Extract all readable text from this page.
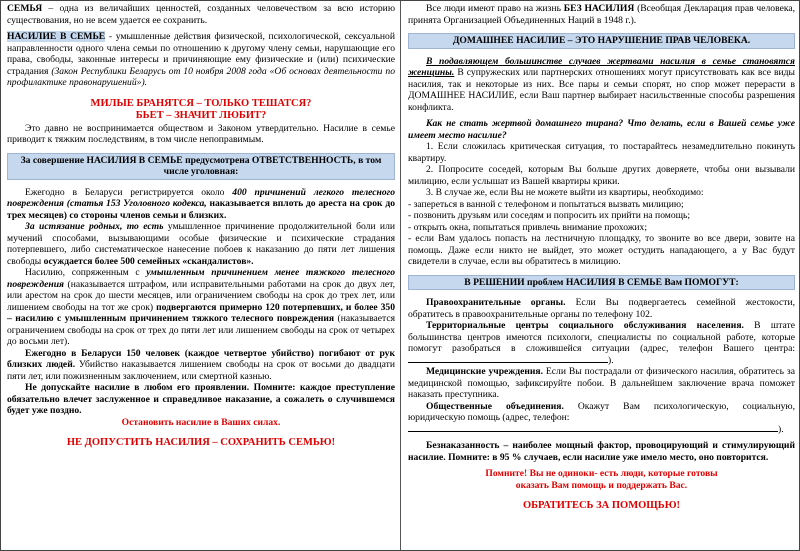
СЕМЬЯ – одна из величайших ценностей, созданных человечеством за всю историю существования, но не всем удается ее сохранить.

НАСИЛИЕ В СЕМЬЕ - умышленные действия физической, психологической, сексуальной направленности одного члена семьи по отношению к другому члену семьи, нарушающие его права, свободы, законные интересы и причиняющие ему физические и (или) психические страдания (Закон Республики Беларусь от 10 ноября 2008 года «Об основах деятельности по профилактике правонарушений»).

МИЛЫЕ БРАНЯТСЯ – ТОЛЬКО ТЕШАТСЯ?

БЬЕТ – ЗНАЧИТ ЛЮБИТ?

Это давно не воспринимается обществом и Законом утвердительно. Насилие в семье приводит к тяжким последствиям, в том числе непоправимым.

За совершение НАСИЛИЯ В СЕМЬЕ предусмотрена ОТВЕТСТВЕННОСТЬ, в том числе уголовная:

Ежегодно в Беларуси регистрируется около 400 причинений легкого телесного повреждения (статья 153 Уголовного кодекса, наказывается вплоть до ареста на срок до трех месяцев) со стороны членов семьи и близких.

За истязание родных, то есть умышленное причинение продолжительной боли или мучений способами, вызывающими особые физические и психические страдания потерпевшего, либо систематическое нанесение побоев к наказанию до пяти лет лишения свободы осуждается более 500 семейных «скандалистов».

Насилию, сопряженным с умышленным причинением менее тяжкого телесного повреждения (наказывается штрафом, или исправительными работами на срок до двух лет, или арестом на срок до шести месяцев, или ограничением свободы на срок до трех лет, или лишением свободы на тот же срок) подвергаются примерно 120 потерпевших, и более 350 – насилию с умышленным причинением тяжкого телесного повреждения (наказывается ограничением свободы на срок от трех до пяти лет или лишением свободы на срок от четырех до восьми лет).

Ежегодно в Беларуси 150 человек (каждое четвертое убийство) погибают от рук близких людей. Убийство наказывается лишением свободы на срок от восьми до двадцати пяти лет, или пожизненным заключением, или смертной казнью.

Не допускайте насилие в любом его проявлении. Помните: каждое преступление обязательно влечет заслуженное и справедливое наказание, а сожалеть о случившемся будет уже поздно.

Остановить насилие в Ваших силах.

НЕ ДОПУСТИТЬ НАСИЛИЯ – СОХРАНИТЬ СЕМЬЮ!

Все люди имеют право на жизнь БЕЗ НАСИЛИЯ (Всеобщая Декларация прав человека, принята Организацией Объединенных Наций в 1948 г.).

ДОМАШНЕЕ НАСИЛИЕ – ЭТО НАРУШЕНИЕ ПРАВ ЧЕЛОВЕКА.

В подавляющем большинстве случаев жертвами насилия в семье становятся женщины. В супружеских или партнерских отношениях могут присутствовать как все виды насилия, так и некоторые из них. Все пары и семьи спорят, но спор может перерасти в ДОМАШНЕЕ НАСИЛИЕ, если Ваш партнер выбирает насильственные способы разрешения конфликта.

Как не стать жертвой домашнего тирана? Что делать, если в Вашей семье уже имеет место насилие?

1. Если сложилась критическая ситуация, то постарайтесь незамедлительно покинуть квартиру.

2. Попросите соседей, которым Вы больше других доверяете, чтобы они вызывали милицию, если услышат из Вашей квартиры крики.

3. В случае же, если Вы не можете выйти из квартиры, необходимо:

- запереться в ванной с телефоном и попытаться вызвать милицию;

- позвонить друзьям или соседям и попросить их прийти на помощь;

- открыть окна, попытаться привлечь внимание прохожих;

- если Вам удалось попасть на лестничную площадку, то звоните во все двери, зовите на помощь. Даже если никто не выйдет, это может остудить нападающего, а у Вас будут свидетели в случае, если вы обратитесь в милицию.

В РЕШЕНИИ проблем НАСИЛИЯ В СЕМЬЕ Вам ПОМОГУТ:

Правоохранительные органы. Если Вы подвергаетесь семейной жестокости, обратитесь в правоохранительные органы по телефону 102.

Территориальные центры социального обслуживания населения. В штате большинства центров имеются психологи, специалисты по социальной работе, которые помогут разобраться в сложившейся ситуации (адрес, телефон Вашего центра:).

Медицинские учреждения. Если Вы пострадали от физического насилия, обратитесь за медицинской помощью, зафиксируйте побои. В дальнейшем заключение врача поможет наказать преступника.

Общественные объединения. Окажут Вам психологическую, социальную, юридическую помощь (адрес, телефон:
).

Безнаказанность – наиболее мощный фактор, провоцирующий и стимулирующий насилие. Помните: в 95 % случаев, если насилие уже имело место, оно повторится.

Помните! Вы не одиноки- есть люди, которые готовы

оказать Вам помощь и поддержать Вас.

ОБРАТИТЕСЬ ЗА ПОМОЩЬЮ!
